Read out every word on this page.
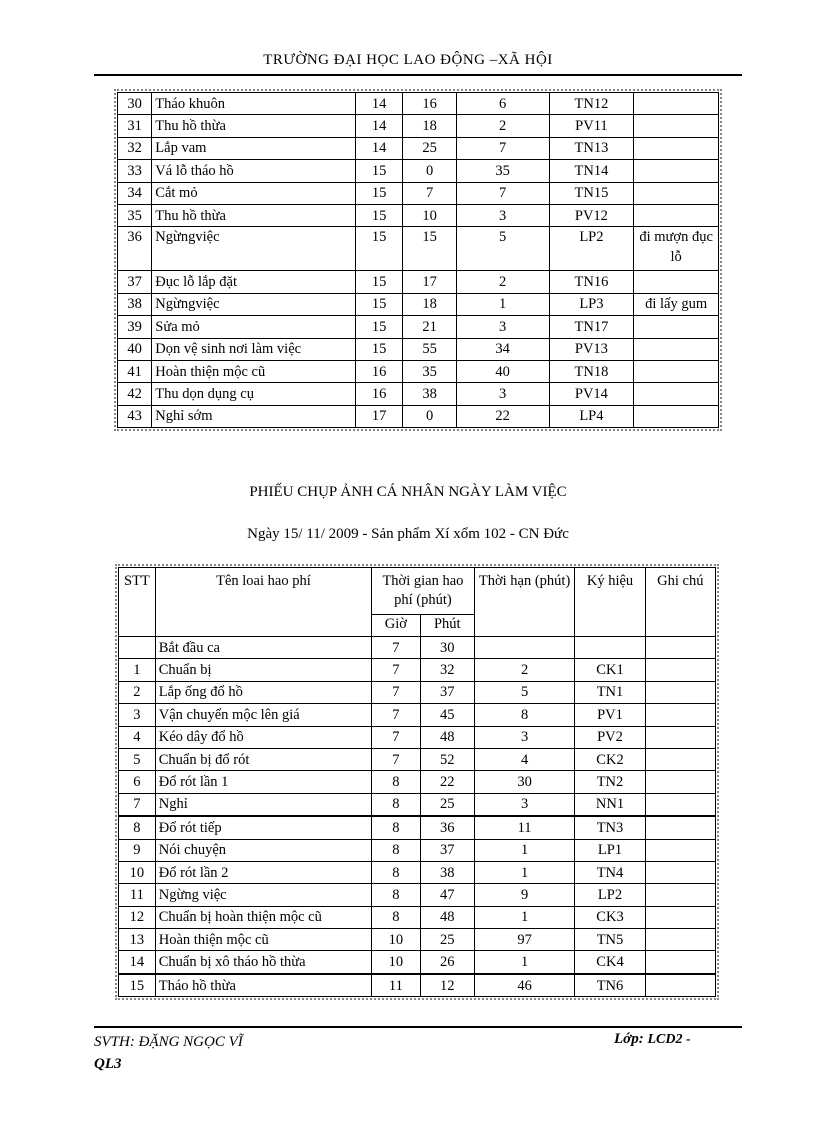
TRƯỜNG ĐẠI HỌC LAO ĐỘNG –XÃ HỘI
30	Tháo khuôn	14	16	6	TN12	
31	Thu hồ thừa	14	18	2	PV11	
32	Lắp vam	14	25	7	TN13	
33	Vá lỗ tháo hồ	15	0	35	TN14	
34	Cắt mỏ	15	7	7	TN15	
35	Thu hồ thừa	15	10	3	PV12	
36	Ngừngviệc	15	15	5	LP2	đi mượn đục lỗ
37	Đục lỗ lắp đặt	15	17	2	TN16	
38	Ngừngviệc	15	18	1	LP3	đi lấy gum
39	Sửa mỏ	15	21	3	TN17	
40	Dọn vệ sinh nơi làm việc	15	55	34	PV13	
41	Hoàn thiện mộc cũ	16	35	40	TN18	
42	Thu dọn dụng cụ	16	38	3	PV14	
43	Nghỉ sớm	17	0	22	LP4	
PHIẾU CHỤP ẢNH CÁ NHÂN NGÀY LÀM VIỆC
Ngày 15/ 11/ 2009 - Sản phẩm Xí xổm 102 - CN Đức
STT	Tên loai hao phí	Thời gian hao phí (phút)		Thời hạn (phút)	Ký hiệu	Ghi chú
		Giờ	Phút			
	Bắt đầu ca	7	30			
1	Chuẩn bị	7	32	2	CK1	
2	Lắp ống đổ hồ	7	37	5	TN1	
3	Vận chuyển mộc lên giá	7	45	8	PV1	
4	Kéo dây đổ hồ	7	48	3	PV2	
5	Chuẩn bị đổ rót	7	52	4	CK2	
6	Đổ rót lần 1	8	22	30	TN2	
7	Nghỉ	8	25	3	NN1	
8	Đổ rót tiếp	8	36	11	TN3	
9	Nói chuyện	8	37	1	LP1	
10	Đổ rót lần 2	8	38	1	TN4	
11	Ngừng việc	8	47	9	LP2	
12	Chuẩn bị hoàn thiện mộc cũ	8	48	1	CK3	
13	Hoàn thiện mộc cũ	10	25	97	TN5	
14	Chuẩn bị xô tháo hồ thừa	10	26	1	CK4	
15	Tháo hồ thừa	11	12	46	TN6	
SVTH: ĐẶNG NGỌC VĨ
QL3
Lớp: LCD2 -
